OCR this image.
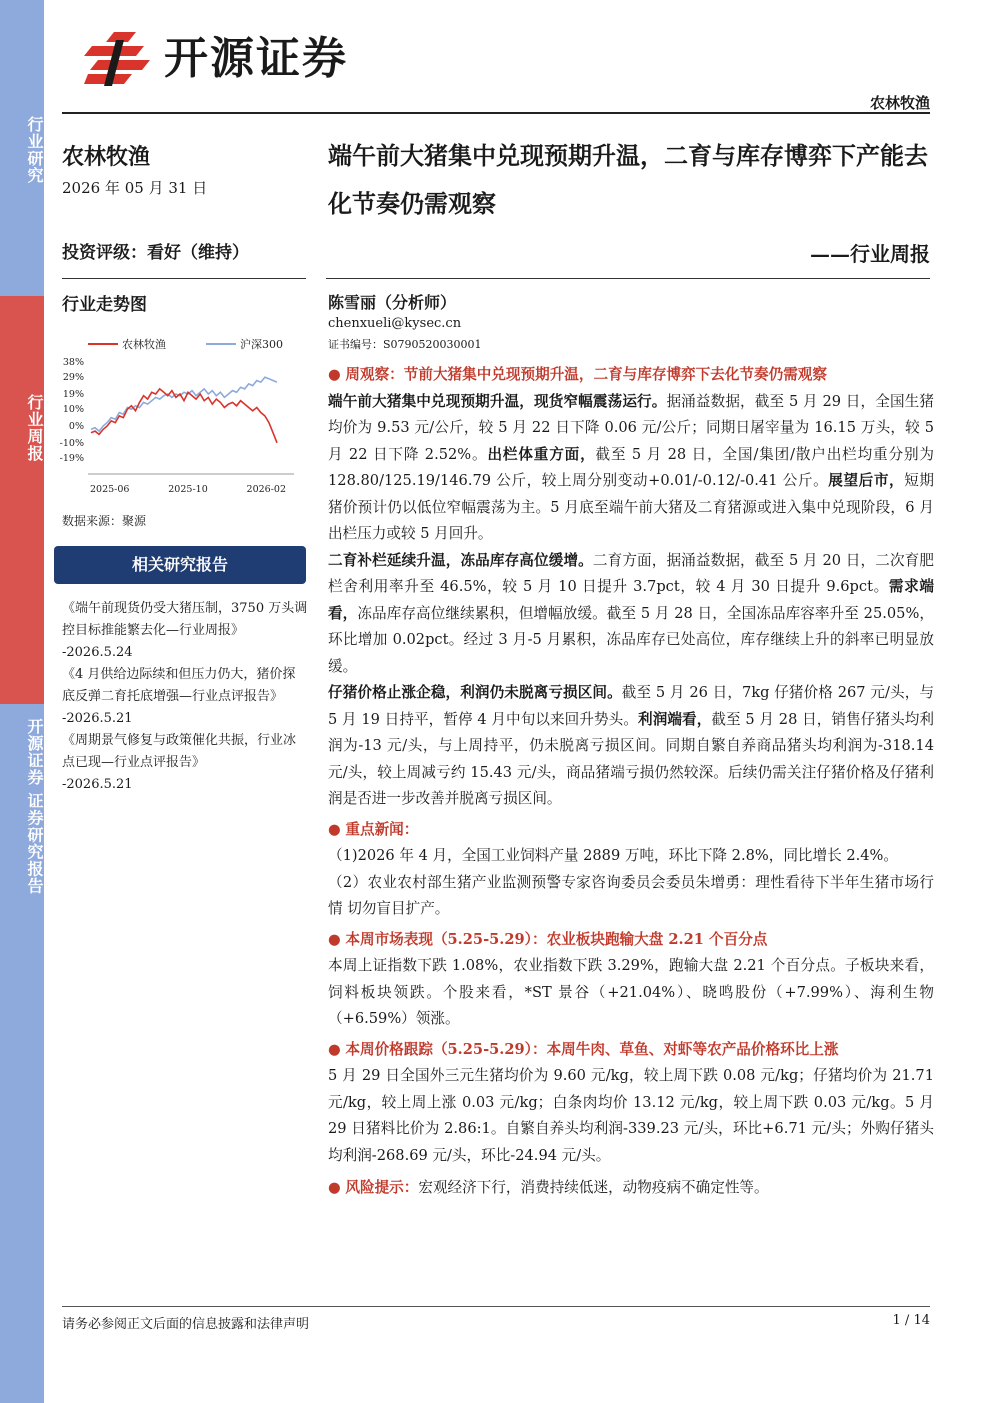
行业研究
行业周报
开源证券 证券研究报告
开源证券
农林牧渔
农林牧渔
2026 年 05 月 31 日
投资评级：看好（维持）
行业走势图
农林牧渔	沪深300
38%
29%
19%
10%
0%
-10%
-19%
2025-06	2025-10	2026-02
数据来源：聚源
相关研究报告
《端午前现货仍受大猪压制，3750 万头调控目标推能繁去化—行业周报》
-2026.5.24
《4 月供给边际续和但压力仍大，猪价探底反弹二育托底增强—行业点评报告》
-2026.5.21
《周期景气修复与政策催化共振，行业冰点已现—行业点评报告》
-2026.5.21
端午前大猪集中兑现预期升温，二育与库存博弈下产能去化节奏仍需观察
——行业周报
陈雪丽（分析师）
chenxueli@kysec.cn
证书编号：S0790520030001

● 周观察：节前大猪集中兑现预期升温，二育与库存博弈下去化节奏仍需观察

端午前大猪集中兑现预期升温，现货窄幅震荡运行。据涌益数据，截至 5 月 29 日，全国生猪均价为 9.53 元/公斤，较 5 月 22 日下降 0.06 元/公斤；同期日屠宰量为 16.15 万头，较 5 月 22 日下降 2.52%。出栏体重方面，截至 5 月 28 日，全国/集团/散户出栏均重分别为 128.80/125.19/146.79 公斤，较上周分别变动+0.01/-0.12/-0.41 公斤。展望后市，短期猪价预计仍以低位窄幅震荡为主。5 月底至端午前大猪及二育猪源或进入集中兑现阶段，6 月出栏压力或较 5 月回升。

二育补栏延续升温，冻品库存高位缓增。二育方面，据涌益数据，截至 5 月 20 日，二次育肥栏舍利用率升至 46.5%，较 5 月 10 日提升 3.7pct，较 4 月 30 日提升 9.6pct。需求端看，冻品库存高位继续累积，但增幅放缓。截至 5 月 28 日，全国冻品库容率升至 25.05%，环比增加 0.02pct。经过 3 月-5 月累积，冻品库存已处高位，库存继续上升的斜率已明显放缓。

仔猪价格止涨企稳，利润仍未脱离亏损区间。截至 5 月 26 日，7kg 仔猪价格 267 元/头，与 5 月 19 日持平，暂停 4 月中旬以来回升势头。利润端看，截至 5 月 28 日，销售仔猪头均利润为-13 元/头，与上周持平，仍未脱离亏损区间。同期自繁自养商品猪头均利润为-318.14 元/头，较上周减亏约 15.43 元/头，商品猪端亏损仍然较深。后续仍需关注仔猪价格及仔猪利润是否进一步改善并脱离亏损区间。

● 重点新闻：

（1)2026 年 4 月，全国工业饲料产量 2889 万吨，环比下降 2.8%，同比增长 2.4%。

（2）农业农村部生猪产业监测预警专家咨询委员会委员朱增勇：理性看待下半年生猪市场行情 切勿盲目扩产。

● 本周市场表现（5.25-5.29）：农业板块跑输大盘 2.21 个百分点

本周上证指数下跌 1.08%，农业指数下跌 3.29%，跑输大盘 2.21 个百分点。子板块来看，饲料板块领跌。个股来看，*ST 景谷（+21.04%）、晓鸣股份（+7.99%）、海利生物（+6.59%）领涨。

● 本周价格跟踪（5.25-5.29）：本周牛肉、草鱼、对虾等农产品价格环比上涨

5 月 29 日全国外三元生猪均价为 9.60 元/kg，较上周下跌 0.08 元/kg；仔猪均价为 21.71 元/kg，较上周上涨 0.03 元/kg；白条肉均价 13.12 元/kg，较上周下跌 0.03 元/kg。5 月 29 日猪料比价为 2.86:1。自繁自养头均利润-339.23 元/头，环比+6.71 元/头；外购仔猪头均利润-268.69 元/头，环比-24.94 元/头。

● 风险提示：宏观经济下行，消费持续低迷，动物疫病不确定性等。

请务必参阅正文后面的信息披露和法律声明	1 / 14
